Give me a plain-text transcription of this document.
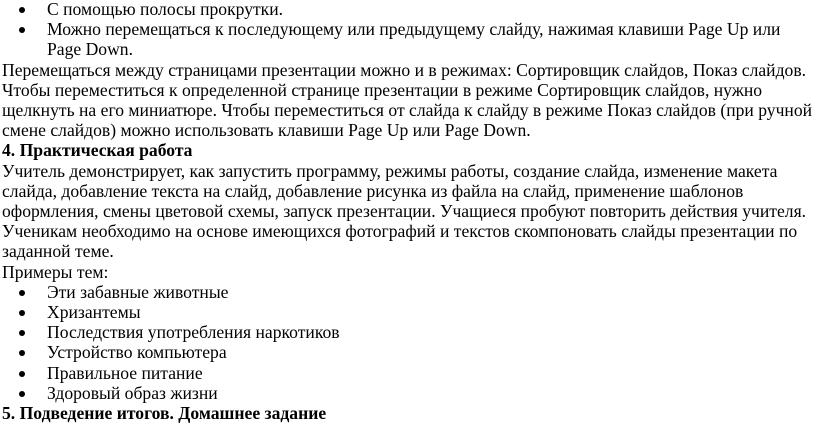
С помощью полосы прокрутки.
Можно перемещаться к последующему или предыдущему слайду, нажимая клавиши Page Up или Page Down.

Перемещаться между страницами презентации можно и в режимах: Сортировщик слайдов, Показ слайдов. Чтобы переместиться к определенной странице презентации в режиме Сортировщик слайдов, нужно щелкнуть на его миниатюре. Чтобы переместиться от слайда к слайду в режиме Показ слайдов (при ручной смене слайдов) можно использовать клавиши Page Up или Page Down.

4. Практическая работа

Учитель демонстрирует, как запустить программу, режимы работы, создание слайда, изменение макета слайда, добавление текста на слайд, добавление рисунка из файла на слайд, применение шаблонов оформления, смены цветовой схемы, запуск презентации. Учащиеся пробуют повторить действия учителя. Ученикам необходимо на основе имеющихся фотографий и текстов скомпоновать слайды презентации по заданной теме.

Примеры тем:

Эти забавные животные
Хризантемы
Последствия употребления наркотиков
Устройство компьютера
Правильное питание
Здоровый образ жизни

5. Подведение итогов. Домашнее задание
